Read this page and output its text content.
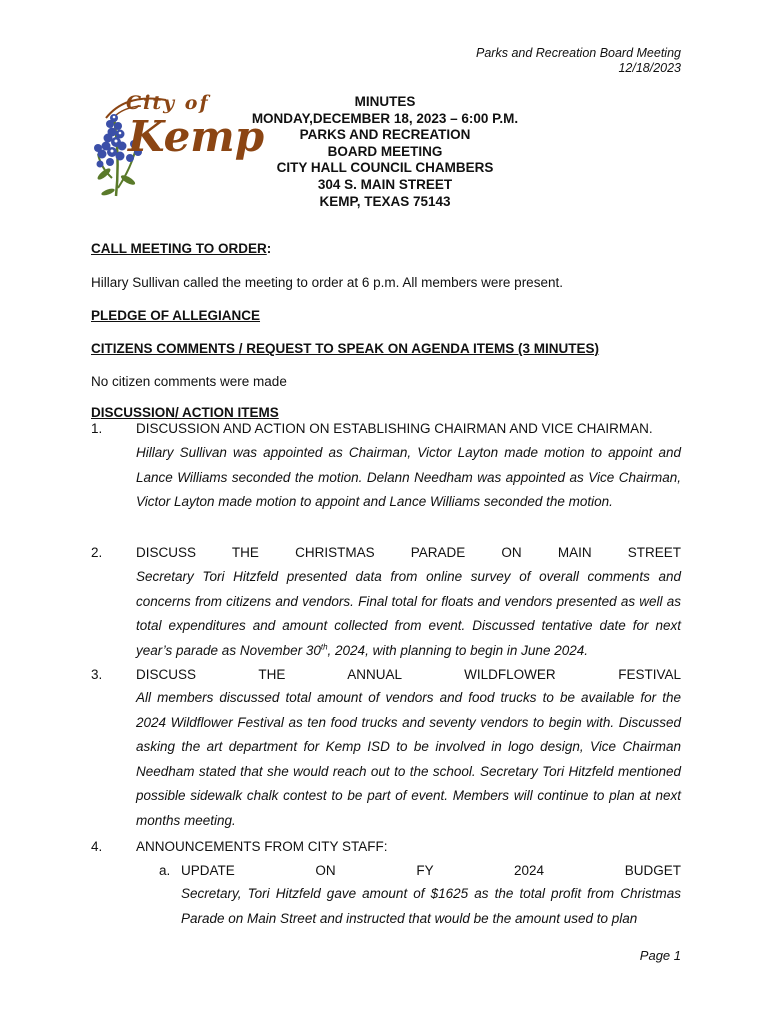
Parks and Recreation Board Meeting
12/18/2023
City of
Kemp
MINUTES
MONDAY,DECEMBER 18, 2023 – 6:00 P.M.
PARKS AND RECREATION
BOARD MEETING
CITY HALL COUNCIL CHAMBERS
304 S. MAIN STREET
KEMP, TEXAS 75143
CALL MEETING TO ORDER:
Hillary Sullivan called the meeting to order at 6 p.m. All members were present.
PLEDGE OF ALLEGIANCE
CITIZENS COMMENTS / REQUEST TO SPEAK ON AGENDA ITEMS (3 MINUTES)
No citizen comments were made
DISCUSSION/ ACTION ITEMS
1. DISCUSSION AND ACTION ON ESTABLISHING CHAIRMAN AND VICE CHAIRMAN.
Hillary Sullivan was appointed as Chairman, Victor Layton made motion to appoint and Lance Williams seconded the motion. Delann Needham was appointed as Vice Chairman, Victor Layton made motion to appoint and Lance Williams seconded the motion.
2. DISCUSS THE CHRISTMAS PARADE ON MAIN STREET
Secretary Tori Hitzfeld presented data from online survey of overall comments and concerns from citizens and vendors. Final total for floats and vendors presented as well as total expenditures and amount collected from event. Discussed tentative date for next year’s parade as November 30th, 2024, with planning to begin in June 2024.
3. DISCUSS THE ANNUAL WILDFLOWER FESTIVAL
All members discussed total amount of vendors and food trucks to be available for the 2024 Wildflower Festival as ten food trucks and seventy vendors to begin with. Discussed asking the art department for Kemp ISD to be involved in logo design, Vice Chairman Needham stated that she would reach out to the school. Secretary Tori Hitzfeld mentioned possible sidewalk chalk contest to be part of event. Members will continue to plan at next months meeting.
4. ANNOUNCEMENTS FROM CITY STAFF:
a. UPDATE ON FY 2024 BUDGET
Secretary, Tori Hitzfeld gave amount of $1625 as the total profit from Christmas Parade on Main Street and instructed that would be the amount used to plan
Page 1
